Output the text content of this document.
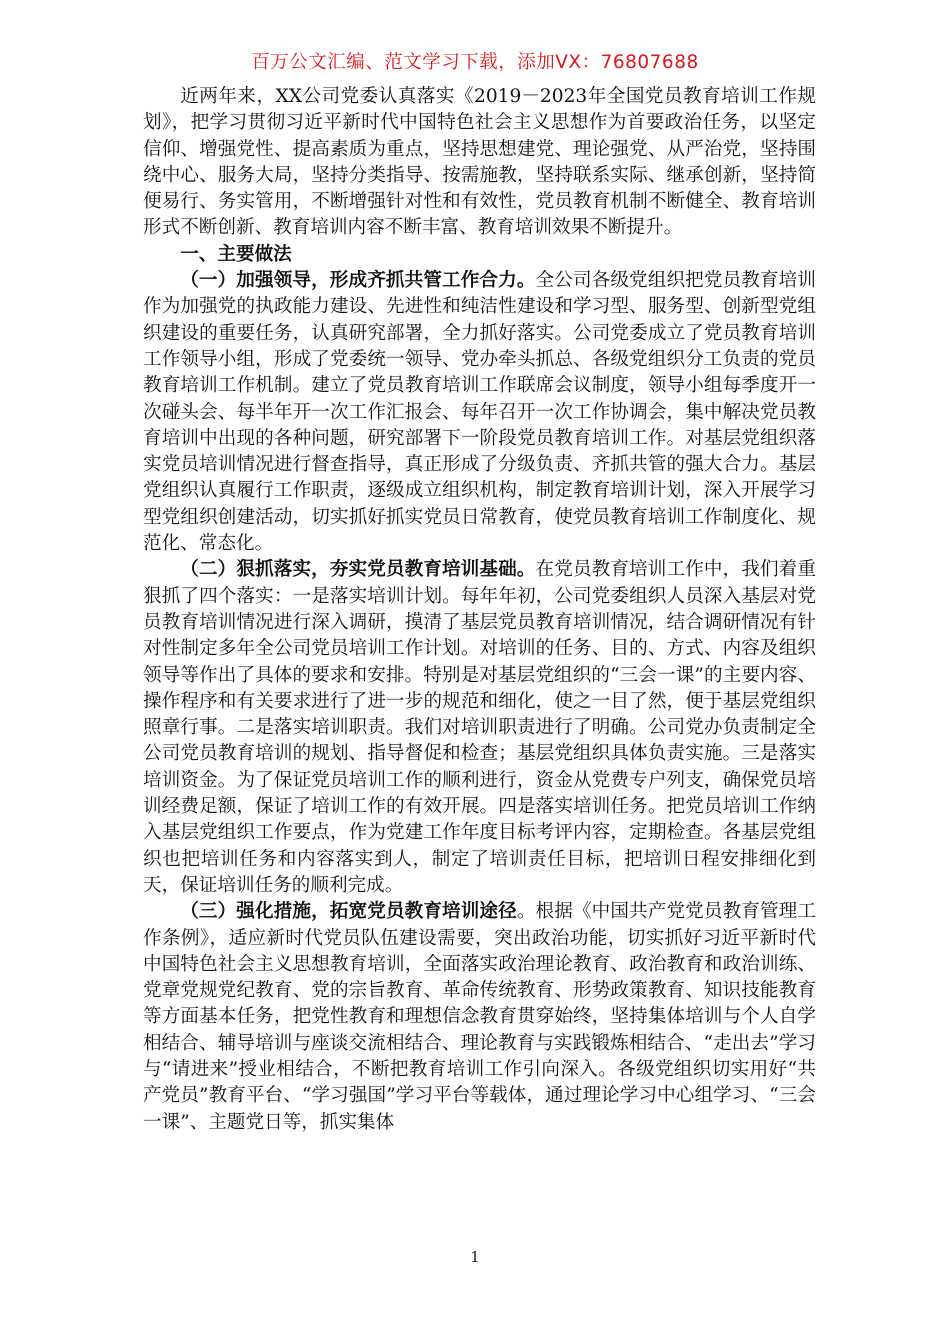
百万公文汇编、范文学习下载，添加VX：76807688

近两年来，XX公司党委认真落实《2019－2023年全国党员教育培训工作规划》，把学习贯彻习近平新时代中国特色社会主义思想作为首要政治任务，以坚定信仰、增强党性、提高素质为重点，坚持思想建党、理论强党、从严治党，坚持围绕中心、服务大局，坚持分类指导、按需施教，坚持联系实际、继承创新，坚持简便易行、务实管用，不断增强针对性和有效性，党员教育机制不断健全、教育培训形式不断创新、教育培训内容不断丰富、教育培训效果不断提升。

一、主要做法

（一）加强领导，形成齐抓共管工作合力。全公司各级党组织把党员教育培训作为加强党的执政能力建设、先进性和纯洁性建设和学习型、服务型、创新型党组织建设的重要任务，认真研究部署，全力抓好落实。公司党委成立了党员教育培训工作领导小组，形成了党委统一领导、党办牵头抓总、各级党组织分工负责的党员教育培训工作机制。建立了党员教育培训工作联席会议制度，领导小组每季度开一次碰头会、每半年开一次工作汇报会、每年召开一次工作协调会，集中解决党员教育培训中出现的各种问题，研究部署下一阶段党员教育培训工作。对基层党组织落实党员培训情况进行督查指导，真正形成了分级负责、齐抓共管的强大合力。基层党组织认真履行工作职责，逐级成立组织机构，制定教育培训计划，深入开展学习型党组织创建活动，切实抓好抓实党员日常教育，使党员教育培训工作制度化、规范化、常态化。

（二）狠抓落实，夯实党员教育培训基础。在党员教育培训工作中，我们着重狠抓了四个落实：一是落实培训计划。每年年初，公司党委组织人员深入基层对党员教育培训情况进行深入调研，摸清了基层党员教育培训情况，结合调研情况有针对性制定多年全公司党员培训工作计划。对培训的任务、目的、方式、内容及组织领导等作出了具体的要求和安排。特别是对基层党组织的“三会一课”的主要内容、操作程序和有关要求进行了进一步的规范和细化，使之一目了然，便于基层党组织照章行事。二是落实培训职责。我们对培训职责进行了明确。公司党办负责制定全公司党员教育培训的规划、指导督促和检查；基层党组织具体负责实施。三是落实培训资金。为了保证党员培训工作的顺利进行，资金从党费专户列支，确保党员培训经费足额，保证了培训工作的有效开展。四是落实培训任务。把党员培训工作纳入基层党组织工作要点，作为党建工作年度目标考评内容，定期检查。各基层党组织也把培训任务和内容落实到人，制定了培训责任目标，把培训日程安排细化到天，保证培训任务的顺利完成。

（三）强化措施，拓宽党员教育培训途径。根据《中国共产党党员教育管理工作条例》，适应新时代党员队伍建设需要，突出政治功能，切实抓好习近平新时代中国特色社会主义思想教育培训，全面落实政治理论教育、政治教育和政治训练、党章党规党纪教育、党的宗旨教育、革命传统教育、形势政策教育、知识技能教育等方面基本任务，把党性教育和理想信念教育贯穿始终，坚持集体培训与个人自学相结合、辅导培训与座谈交流相结合、理论教育与实践锻炼相结合、“走出去”学习与“请进来”授业相结合，不断把教育培训工作引向深入。各级党组织切实用好“共产党员”教育平台、“学习强国”学习平台等载体，通过理论学习中心组学习、“三会一课”、主题党日等，抓实集体

1
